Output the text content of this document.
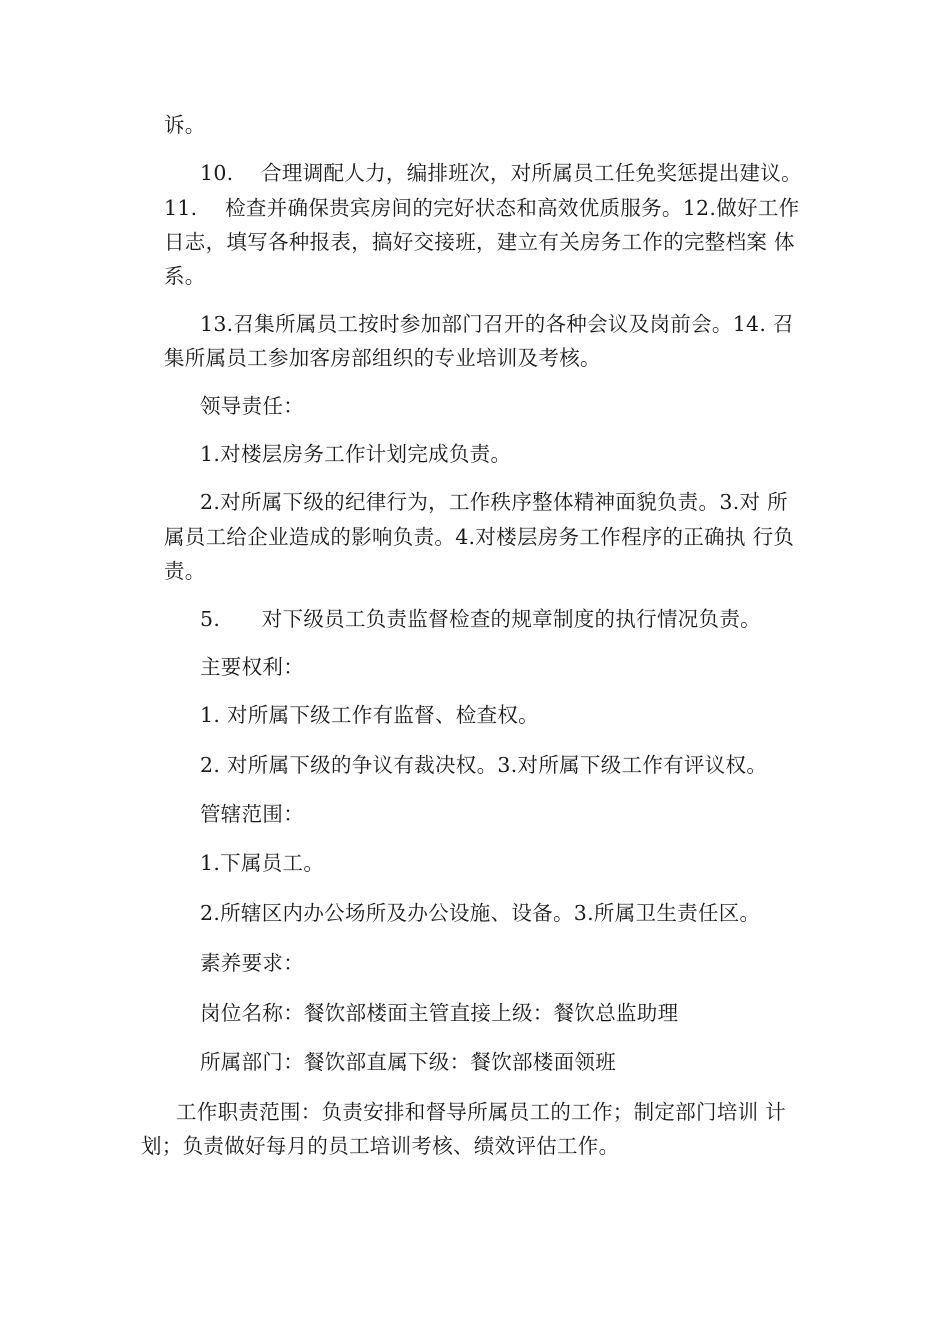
诉。
10.　 合理调配人力，编排班次，对所属员工任免奖惩提出建议。
11.　 检查并确保贵宾房间的完好状态和高效优质服务。12.做好工作
日志，填写各种报表，搞好交接班，建立有关房务工作的完整档案 体
系。
13.召集所属员工按时参加部门召开的各种会议及岗前会。14. 召
集所属员工参加客房部组织的专业培训及考核。
领导责任：
1.对楼层房务工作计划完成负责。
2.对所属下级的纪律行为，工作秩序整体精神面貌负责。3.对 所
属员工给企业造成的影响负责。4.对楼层房务工作程序的正确执 行负
责。
5.　　对下级员工负责监督检查的规章制度的执行情况负责。
主要权利：
1. 对所属下级工作有监督、检查权。
2. 对所属下级的争议有裁决权。3.对所属下级工作有评议权。
管辖范围：
1.下属员工。
2.所辖区内办公场所及办公设施、设备。3.所属卫生责任区。
素养要求：
岗位名称：餐饮部楼面主管直接上级：餐饮总监助理
所属部门：餐饮部直属下级：餐饮部楼面领班
工作职责范围：负责安排和督导所属员工的工作；制定部门培训 计
划；负责做好每月的员工培训考核、绩效评估工作。
